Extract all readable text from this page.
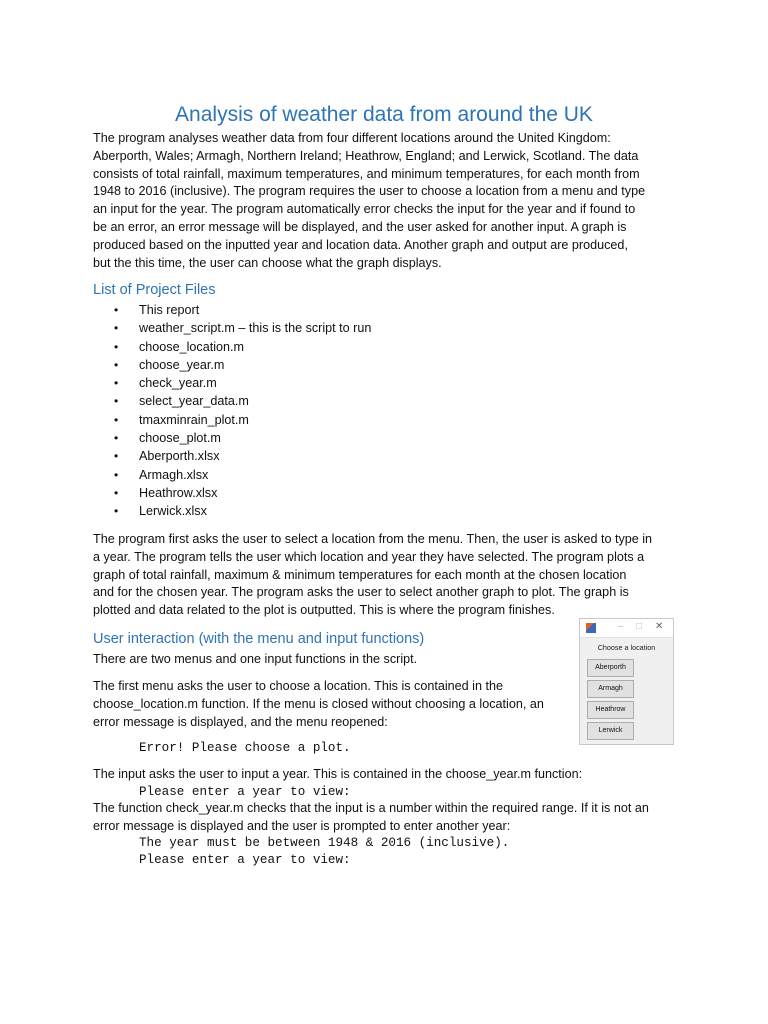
Analysis of weather data from around the UK

The program analyses weather data from four different locations around the United Kingdom:
Aberporth, Wales; Armagh, Northern Ireland; Heathrow, England; and Lerwick, Scotland. The data
consists of total rainfall, maximum temperatures, and minimum temperatures, for each month from
1948 to 2016 (inclusive). The program requires the user to choose a location from a menu and type
an input for the year. The program automatically error checks the input for the year and if found to
be an error, an error message will be displayed, and the user asked for another input. A graph is
produced based on the inputted year and location data. Another graph and output are produced,
but the this time, the user can choose what the graph displays.

List of Project Files
• This report
• weather_script.m – this is the script to run
• choose_location.m
• choose_year.m
• check_year.m
• select_year_data.m
• tmaxminrain_plot.m
• choose_plot.m
• Aberporth.xlsx
• Armagh.xlsx
• Heathrow.xlsx
• Lerwick.xlsx

The program first asks the user to select a location from the menu. Then, the user is asked to type in
a year. The program tells the user which location and year they have selected. The program plots a
graph of total rainfall, maximum & minimum temperatures for each month at the chosen location
and for the chosen year. The program asks the user to select another graph to plot. The graph is
plotted and data related to the plot is outputted. This is where the program finishes.

User interaction (with the menu and input functions)

There are two menus and one input functions in the script.

The first menu asks the user to choose a location. This is contained in the
choose_location.m function. If the menu is closed without choosing a location, an
error message is displayed, and the menu reopened:

Error! Please choose a plot.

The input asks the user to input a year. This is contained in the choose_year.m function:

Please enter a year to view:

The function check_year.m checks that the input is a number within the required range. If it is not an
error message is displayed and the user is prompted to enter another year:

The year must be between 1948 & 2016 (inclusive).
Please enter a year to view:
– □ ✕
Choose a location
Aberporth
Armagh
Heathrow
Lerwick
